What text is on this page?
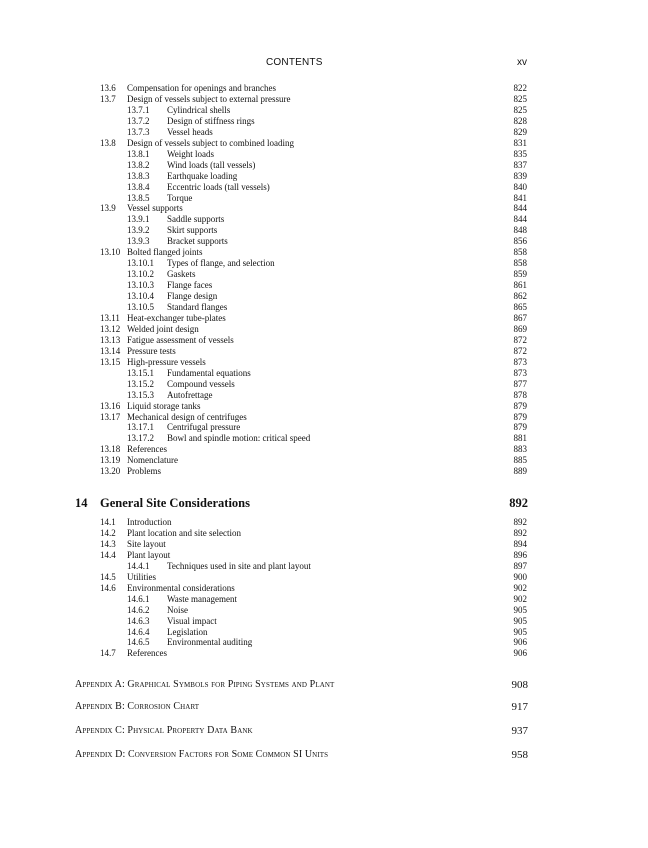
CONTENTS	xv
13.6 Compensation for openings and branches	822
13.7 Design of vessels subject to external pressure	825
13.7.1 Cylindrical shells	825
13.7.2 Design of stiffness rings	828
13.7.3 Vessel heads	829
13.8 Design of vessels subject to combined loading	831
13.8.1 Weight loads	835
13.8.2 Wind loads (tall vessels)	837
13.8.3 Earthquake loading	839
13.8.4 Eccentric loads (tall vessels)	840
13.8.5 Torque	841
13.9 Vessel supports	844
13.9.1 Saddle supports	844
13.9.2 Skirt supports	848
13.9.3 Bracket supports	856
13.10 Bolted flanged joints	858
13.10.1 Types of flange, and selection	858
13.10.2 Gaskets	859
13.10.3 Flange faces	861
13.10.4 Flange design	862
13.10.5 Standard flanges	865
13.11 Heat-exchanger tube-plates	867
13.12 Welded joint design	869
13.13 Fatigue assessment of vessels	872
13.14 Pressure tests	872
13.15 High-pressure vessels	873
13.15.1 Fundamental equations	873
13.15.2 Compound vessels	877
13.15.3 Autofrettage	878
13.16 Liquid storage tanks	879
13.17 Mechanical design of centrifuges	879
13.17.1 Centrifugal pressure	879
13.17.2 Bowl and spindle motion: critical speed	881
13.18 References	883
13.19 Nomenclature	885
13.20 Problems	889
14 General Site Considerations	892
14.1 Introduction	892
14.2 Plant location and site selection	892
14.3 Site layout	894
14.4 Plant layout	896
14.4.1 Techniques used in site and plant layout	897
14.5 Utilities	900
14.6 Environmental considerations	902
14.6.1 Waste management	902
14.6.2 Noise	905
14.6.3 Visual impact	905
14.6.4 Legislation	905
14.6.5 Environmental auditing	906
14.7 References	906
Appendix A: Graphical Symbols for Piping Systems and Plant	908
Appendix B: Corrosion Chart	917
Appendix C: Physical Property Data Bank	937
Appendix D: Conversion Factors for Some Common SI Units	958
